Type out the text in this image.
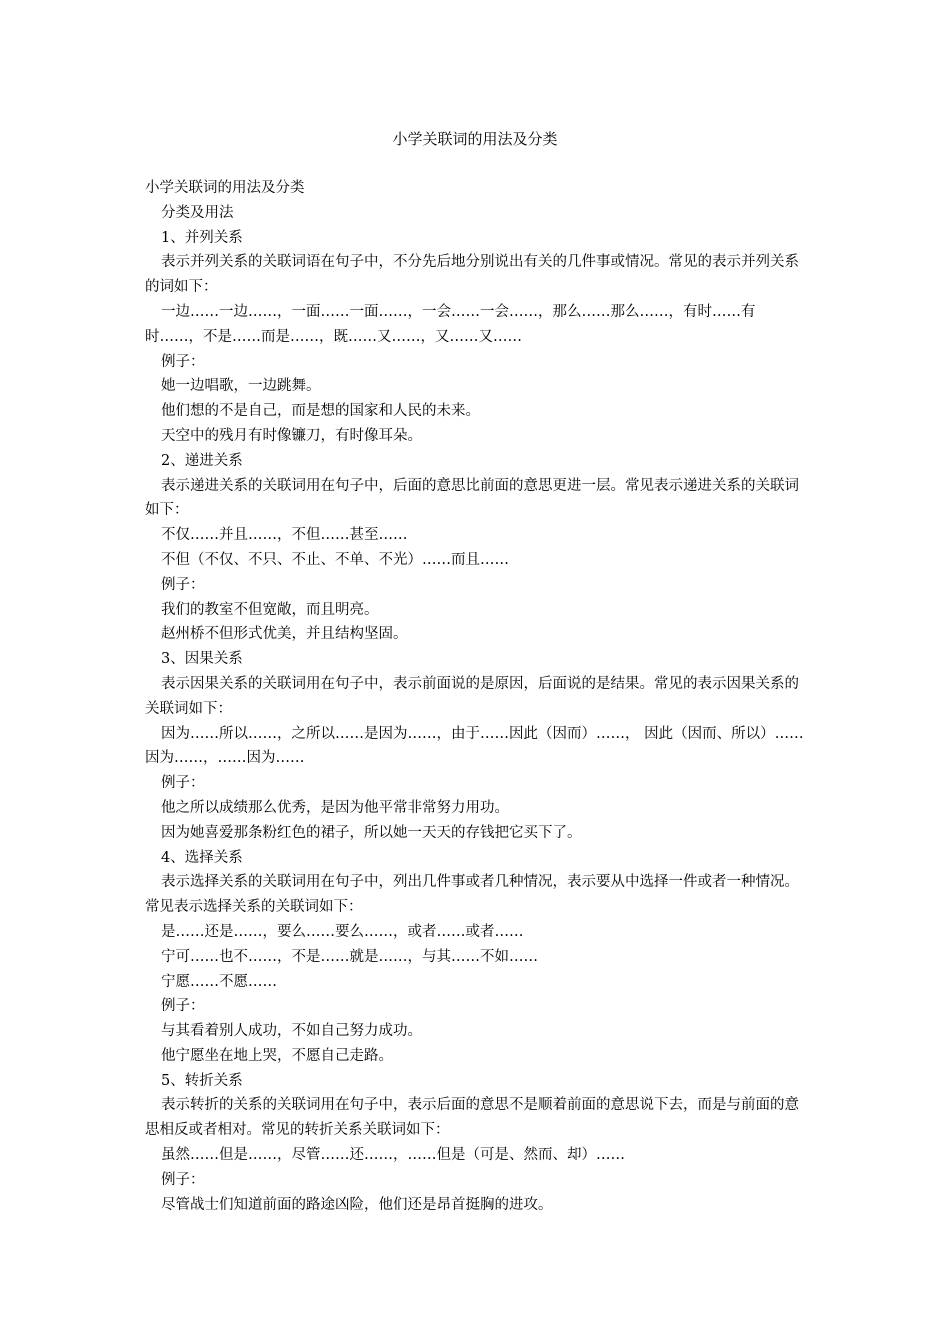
小学关联词的用法及分类

小学关联词的用法及分类

分类及用法

1、并列关系

表示并列关系的关联词语在句子中，不分先后地分别说出有关的几件事或情况。常见的表示并列关系的词如下：

一边……一边……，一面……一面……，一会……一会……，那么……那么……，有时……有时……，不是……而是……，既……又……，又……又……

例子：

她一边唱歌，一边跳舞。

他们想的不是自己，而是想的国家和人民的未来。

天空中的残月有时像镰刀，有时像耳朵。

2、递进关系

表示递进关系的关联词用在句子中，后面的意思比前面的意思更进一层。常见表示递进关系的关联词如下：

不仅……并且……，不但……甚至……

不但（不仅、不只、不止、不单、不光）……而且……

例子：

我们的教室不但宽敞，而且明亮。

赵州桥不但形式优美，并且结构坚固。

3、因果关系

表示因果关系的关联词用在句子中，表示前面说的是原因，后面说的是结果。常见的表示因果关系的关联词如下：

因为……所以……，之所以……是因为……，由于……因此（因而）……， 因此（因而、所以）……因为……，……因为……

例子：

他之所以成绩那么优秀，是因为他平常非常努力用功。

因为她喜爱那条粉红色的裙子，所以她一天天的存钱把它买下了。

4、选择关系

表示选择关系的关联词用在句子中，列出几件事或者几种情况，表示要从中选择一件或者一种情况。常见表示选择关系的关联词如下：

是……还是……，要么……要么……，或者……或者……

宁可……也不……，不是……就是……，与其……不如……

宁愿……不愿……

例子：

与其看着别人成功，不如自己努力成功。

他宁愿坐在地上哭，不愿自己走路。

5、转折关系

表示转折的关系的关联词用在句子中，表示后面的意思不是顺着前面的意思说下去，而是与前面的意思相反或者相对。常见的转折关系关联词如下：

虽然……但是……，尽管……还……，……但是（可是、然而、却）……

例子：

尽管战士们知道前面的路途凶险，他们还是昂首挺胸的进攻。
